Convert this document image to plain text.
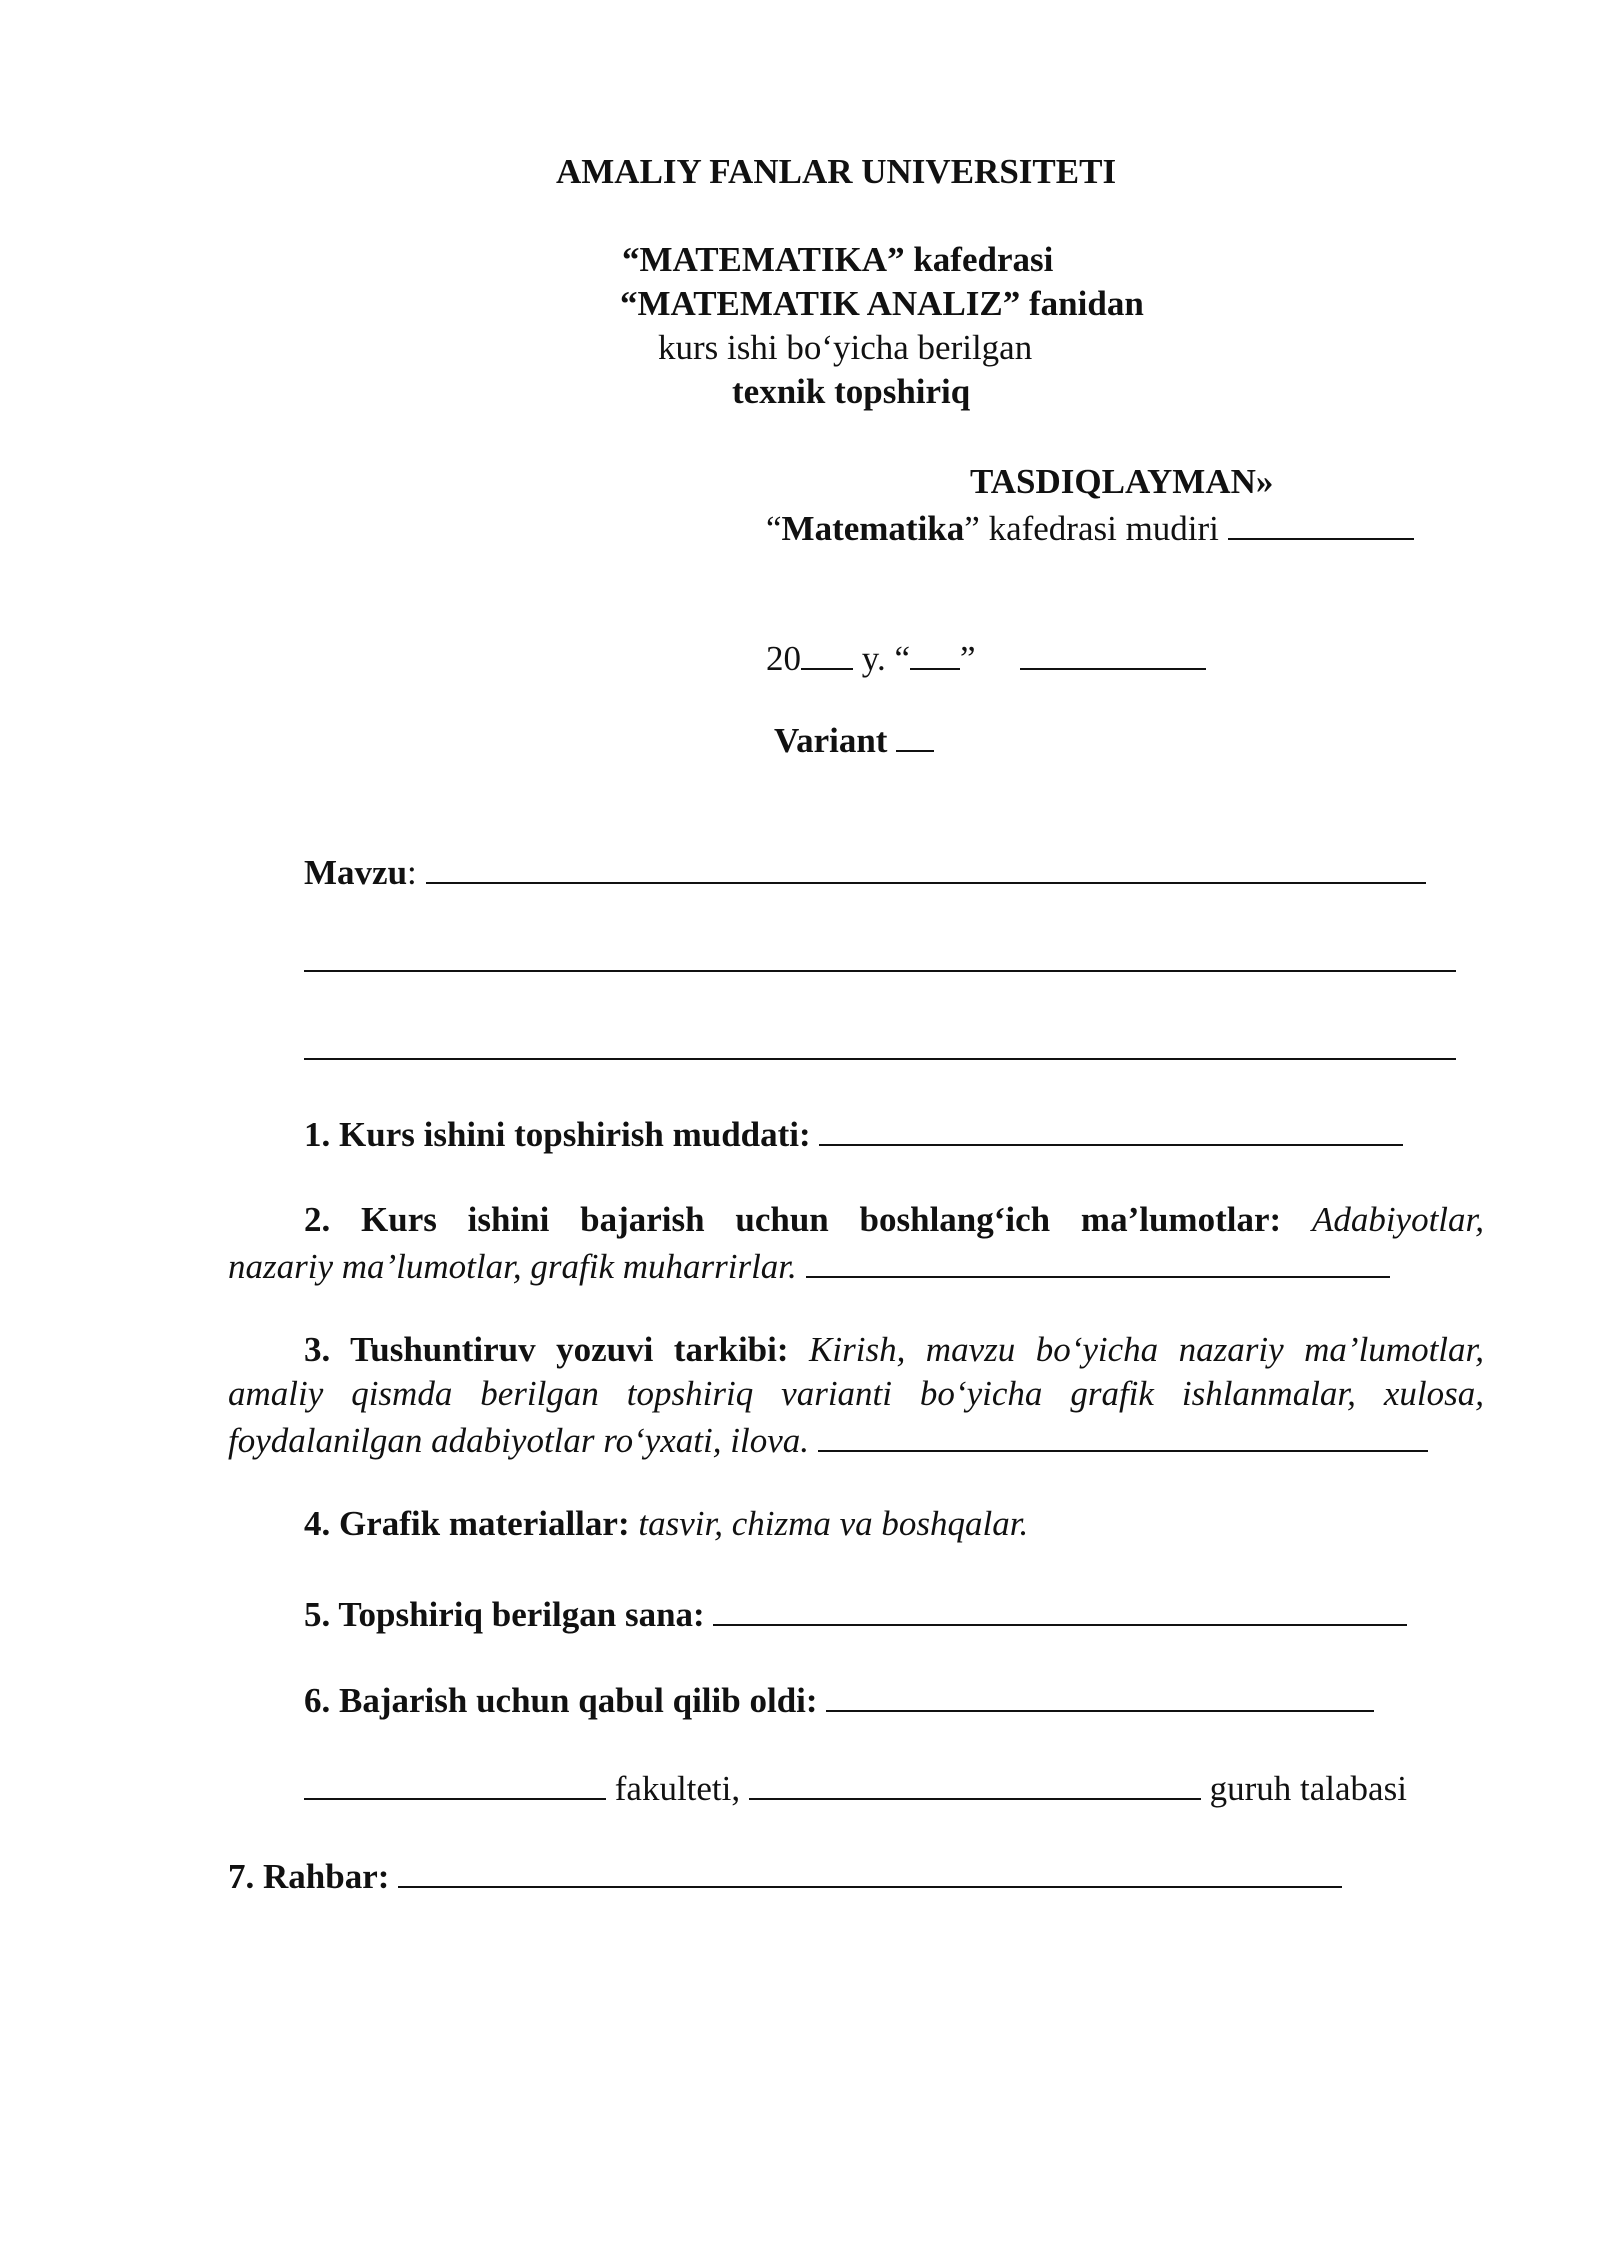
AMALIY FANLAR UNIVERSITETI
“MATEMATIKA” kafedrasi
“MATEMATIK ANALIZ” fanidan
kurs ishi bo‘yicha berilgan
texnik topshiriq
TASDIQLAYMAN»
“Matematika” kafedrasi mudiri
20 y. “ ”
Variant
Mavzu:
1. Kurs ishini topshirish muddati:
2. Kurs ishini bajarish uchun boshlang‘ich ma’lumotlar: Adabiyotlar,
nazariy ma’lumotlar, grafik muharrirlar.
3. Tushuntiruv yozuvi tarkibi: Kirish, mavzu bo‘yicha nazariy ma’lumotlar,
amaliy qismda berilgan topshiriq varianti bo‘yicha grafik ishlanmalar, xulosa,
foydalanilgan adabiyotlar ro‘yxati, ilova.
4. Grafik materiallar: tasvir, chizma va boshqalar.
5. Topshiriq berilgan sana:
6. Bajarish uchun qabul qilib oldi:
fakulteti,	guruh talabasi
7. Rahbar:
